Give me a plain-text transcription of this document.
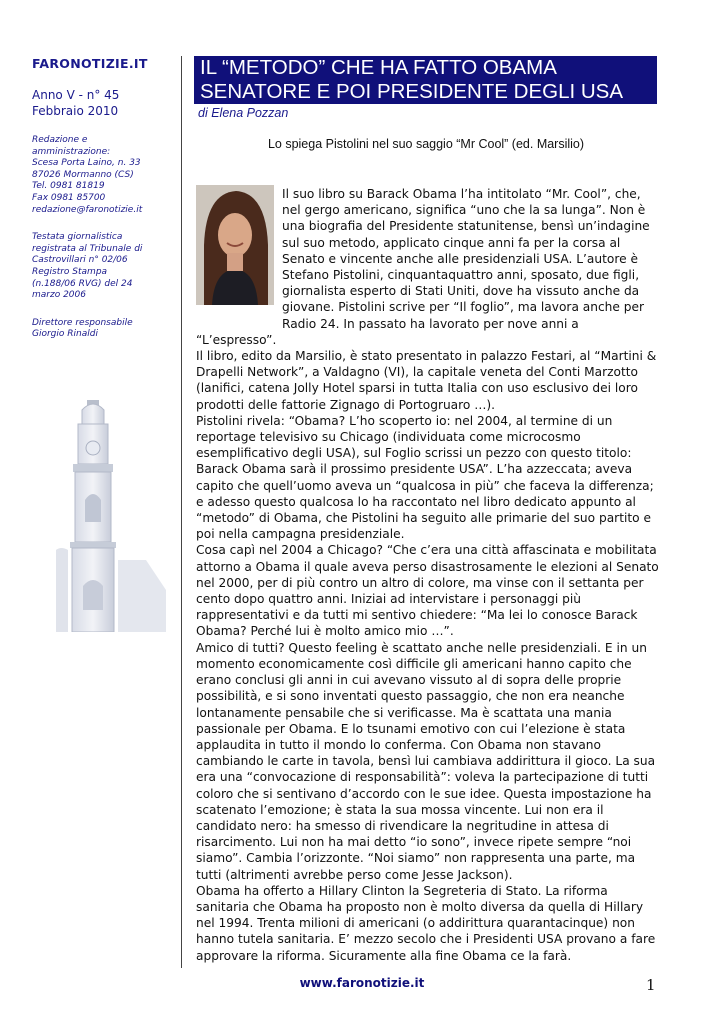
FARONOTIZIE.IT
Anno V - n° 45
Febbraio 2010
Redazione e
amministrazione:
Scesa Porta Laino, n. 33
87026 Mormanno (CS)
Tel. 0981 81819
Fax 0981 85700
redazione@faronotizie.it
Testata giornalistica
registrata al Tribunale di
Castrovillari n° 02/06
Registro Stampa
(n.188/06 RVG) del 24
marzo 2006
Direttore responsabile
Giorgio Rinaldi
IL “METODO” CHE HA FATTO OBAMA SENATORE E POI PRESIDENTE DEGLI USA
di Elena Pozzan
Lo spiega Pistolini nel suo saggio “Mr Cool” (ed. Marsilio)

Il suo libro su Barack Obama l’ha intitolato “Mr. Cool”, che, nel gergo americano, significa “uno che la sa lunga”. Non è una biografia del Presidente statunitense, bensì un’indagine sul suo metodo, applicato cinque anni fa per la corsa al Senato e vincente anche alle presidenziali USA. L’autore è Stefano Pistolini, cinquantaquattro anni, sposato, due figli, giornalista esperto di Stati Uniti, dove ha vissuto anche da giovane. Pistolini scrive per “Il foglio”, ma lavora anche per Radio 24. In passato ha lavorato per nove anni a “L’espresso”.

Il libro, edito da Marsilio, è stato presentato in palazzo Festari, al “Martini & Drapelli Network”, a Valdagno (VI), la capitale veneta del Conti Marzotto (lanifici, catena Jolly Hotel sparsi in tutta Italia con uso esclusivo dei loro prodotti delle fattorie Zignago di Portogruaro …).

Pistolini rivela: “Obama? L’ho scoperto io: nel 2004, al termine di un reportage televisivo su Chicago (individuata come microcosmo esemplificativo degli USA), sul Foglio scrissi un pezzo con questo titolo: Barack Obama sarà il prossimo presidente USA”. L’ha azzeccata; aveva capito che quell’uomo aveva un “qualcosa in più” che faceva la differenza; e adesso questo qualcosa lo ha raccontato nel libro dedicato appunto al “metodo” di Obama, che Pistolini ha seguito alle primarie del suo partito e poi nella campagna presidenziale.

Cosa capì nel 2004 a Chicago? “Che c’era una città affascinata e mobilitata attorno a Obama il quale aveva perso disastrosamente le elezioni al Senato nel 2000, per di più contro un altro di colore, ma vinse con il settanta per cento dopo quattro anni. Iniziai ad intervistare i personaggi più rappresentativi e da tutti mi sentivo chiedere: “Ma lei lo conosce Barack Obama? Perché lui è molto amico mio …”.

Amico di tutti? Questo feeling è scattato anche nelle presidenziali. E in un momento economicamente così difficile gli americani hanno capito che erano conclusi gli anni in cui avevano vissuto al di sopra delle proprie possibilità, e si sono inventati questo passaggio, che non era neanche lontanamente pensabile che si verificasse. Ma è scattata una mania passionale per Obama. E lo tsunami emotivo con cui l’elezione è stata applaudita in tutto il mondo lo conferma. Con Obama non stavano cambiando le carte in tavola, bensì lui cambiava addirittura il gioco. La sua era una “convocazione di responsabilità”: voleva la partecipazione di tutti coloro che si sentivano d’accordo con le sue idee. Questa impostazione ha scatenato l’emozione; è stata la sua mossa vincente. Lui non era il candidato nero: ha smesso di rivendicare la negritudine in attesa di risarcimento. Lui non ha mai detto “io sono”, invece ripete sempre “noi siamo”. Cambia l’orizzonte. “Noi siamo” non rappresenta una parte, ma tutti (altrimenti avrebbe perso come Jesse Jackson).

Obama ha offerto a Hillary Clinton la Segreteria di Stato. La riforma sanitaria che Obama ha proposto non è molto diversa da quella di Hillary nel 1994. Trenta milioni di americani (o addirittura quarantacinque) non hanno tutela sanitaria. E’ mezzo secolo che i Presidenti USA provano a fare approvare la riforma. Sicuramente alla fine Obama ce la farà.

www.faronotizie.it	1
